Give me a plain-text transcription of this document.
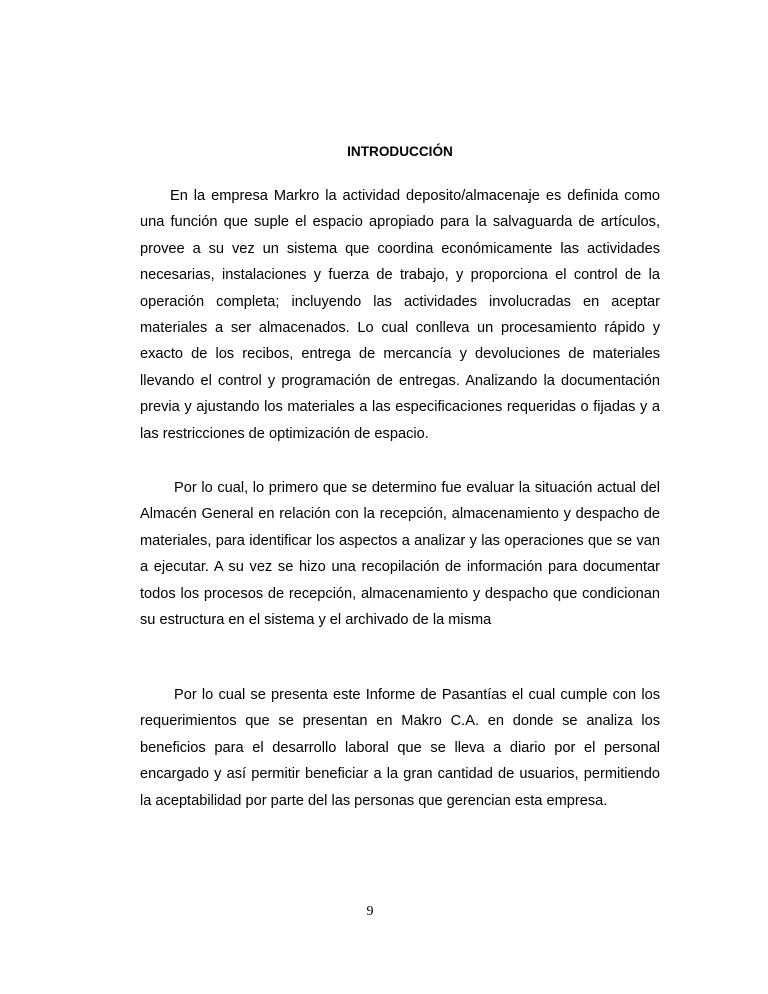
INTRODUCCIÓN

En la empresa Markro la actividad deposito/almacenaje es definida como una función que suple el espacio apropiado para la salvaguarda de artículos, provee a su vez un sistema que coordina económicamente las actividades necesarias, instalaciones y fuerza de trabajo, y proporciona el control de la operación completa; incluyendo las actividades involucradas en aceptar materiales a ser almacenados. Lo cual conlleva un procesamiento rápido y exacto de los recibos, entrega de mercancía y devoluciones de materiales llevando el control y programación de entregas. Analizando la documentación previa y ajustando los materiales a las especificaciones requeridas o fijadas y a las restricciones de optimización de espacio.

Por lo cual, lo primero que se determino fue evaluar la situación actual del Almacén General en relación con la recepción, almacenamiento y despacho de materiales, para identificar los aspectos a analizar y las operaciones que se van a ejecutar. A su vez se hizo una recopilación de información para documentar todos los procesos de recepción, almacenamiento y despacho que condicionan su estructura en el sistema y el archivado de la misma

Por lo cual se presenta este Informe de Pasantías el cual cumple con los requerimientos que se presentan en Makro C.A. en donde se analiza los beneficios para el desarrollo laboral que se lleva a diario por el personal encargado y así permitir beneficiar a la gran cantidad de usuarios, permitiendo la aceptabilidad por parte del las personas que gerencian esta empresa.

9
